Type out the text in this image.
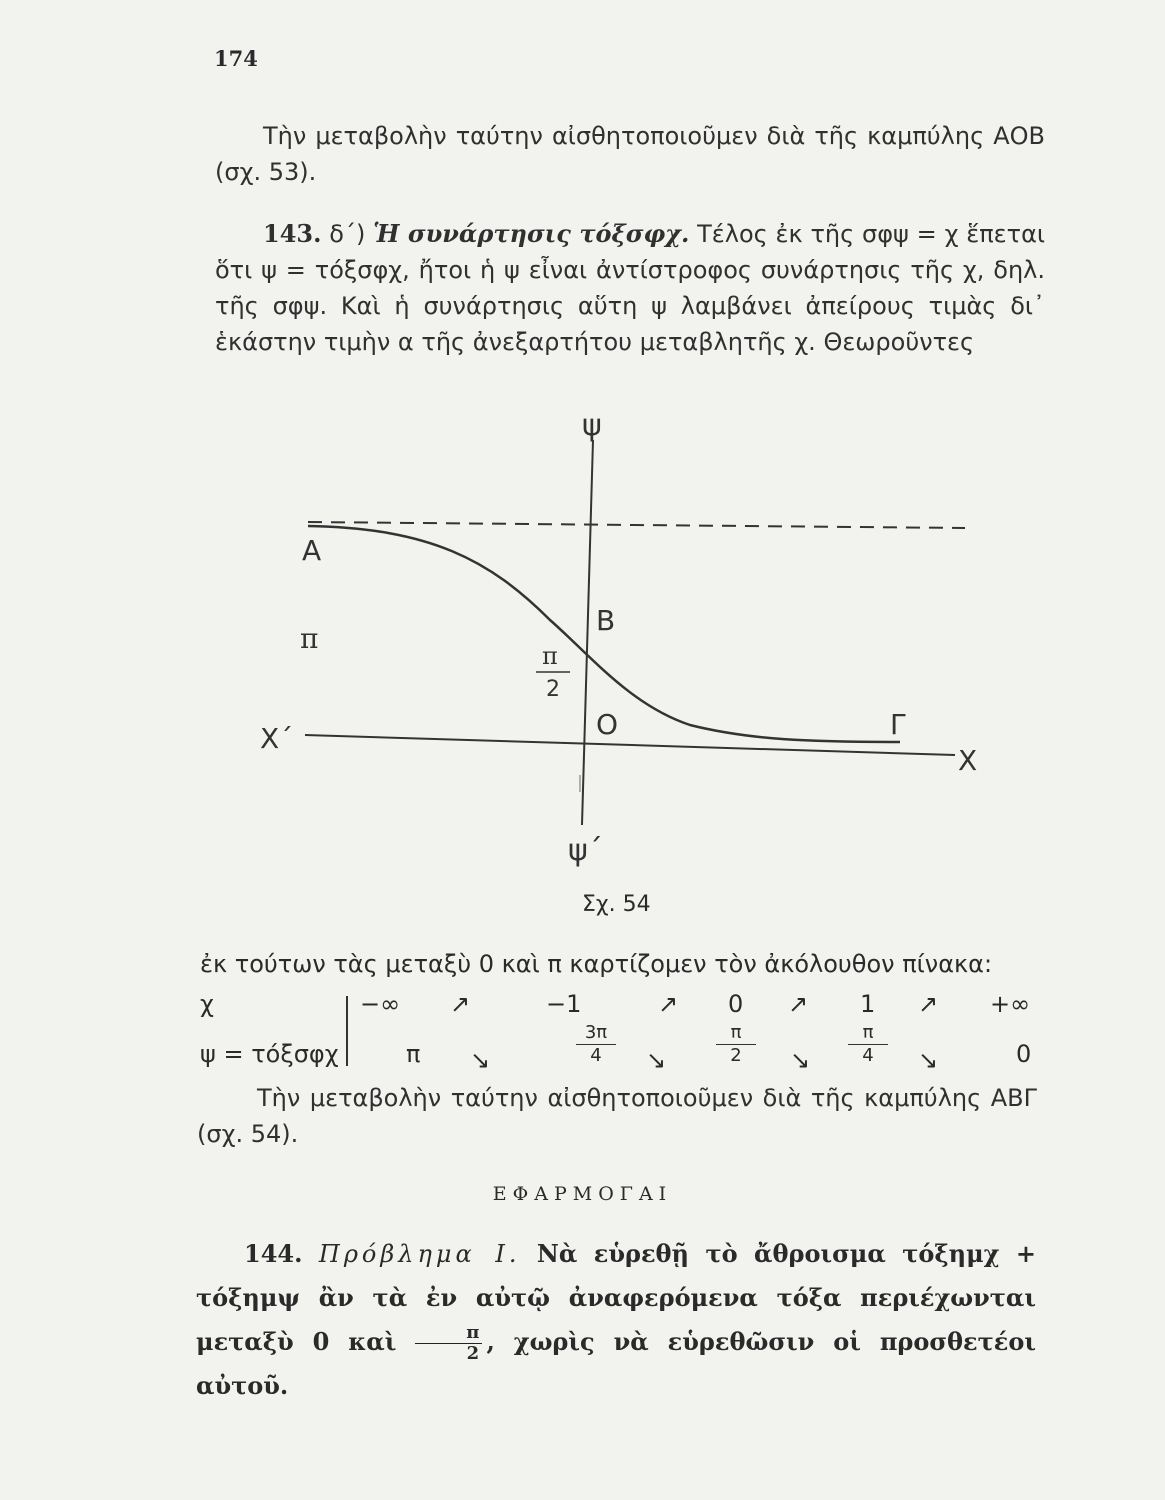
174
Τὴν μεταβολὴν ταύτην αἰσθητοποιοῦμεν διὰ τῆς καμπύλης ΑΟΒ (σχ. 53).
143. δ΄) Ἡ συνάρτησις τόξσφχ. Τέλος ἐκ τῆς σφψ = χ ἕπεται ὅτι ψ = τόξσφχ, ἤτοι ἡ ψ εἶναι ἀντίστροφος συνάρτησις τῆς χ, δηλ. τῆς σφψ. Καὶ ἡ συνάρτησις αὕτη ψ λαμβάνει ἀπείρους τιμὰς δι᾿ ἑκάστην τιμὴν α τῆς ἀνεξαρτήτου μεταβλητῆς χ. Θεωροῦντες
ψ
ψ΄
Χ΄
Χ
Α
Β
Ο	Γ
π
π
2
Σχ. 54
ἐκ τούτων τὰς μεταξὺ 0 καὶ π καρτίζομεν τὸν ἀκόλουθον πίνακα:
χ	−∞ ↗	−1	↗ 0 ↗ 1 ↗ +∞
ψ = τόξσφχ	π ↘	$\frac{3\pi}{4}$ ↘	$\frac{\pi}{2}$ ↘ $\frac{\pi}{4}$ ↘	0
Τὴν μεταβολὴν ταύτην αἰσθητοποιοῦμεν διὰ τῆς καμπύλης ΑΒΓ (σχ. 54).
ΕΦΑΡΜΟΓΑΙ
144. Πρόβλημα I. Νὰ εὑρεθῇ τὸ ἄθροισμα τόξημχ + τόξημψ ἂν τὰ ἐν αὐτῷ ἀναφερόμενα τόξα περιέχωνται μεταξὺ 0 καὶ $\frac{\pi}{2}$ , χωρὶς νὰ εὑρεθῶσιν οἱ προσθετέοι αὐτοῦ.
